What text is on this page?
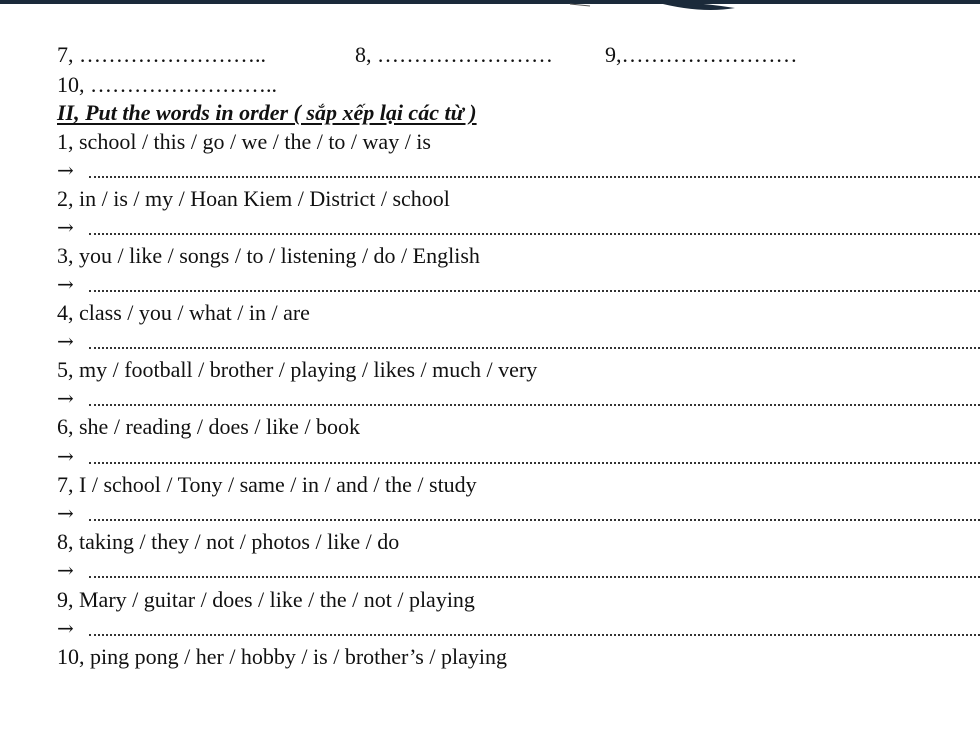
7, ……………………..	8, …………………… 9,……………………
10, ……………………..
II, Put the words in order ( sắp xếp lại các từ )
1, school / this / go / we / the / to / way / is
→
2, in / is / my / Hoan Kiem / District / school
→
3, you / like / songs / to / listening / do / English
→
4, class / you / what / in / are
→
5, my / football / brother / playing / likes / much / very
→
6, she / reading / does / like / book
→
7, I / school / Tony / same / in / and / the / study
→
8, taking / they / not / photos / like / do
→
9, Mary / guitar / does / like / the / not / playing
→
10, ping pong / her / hobby / is / brother’s / playing
